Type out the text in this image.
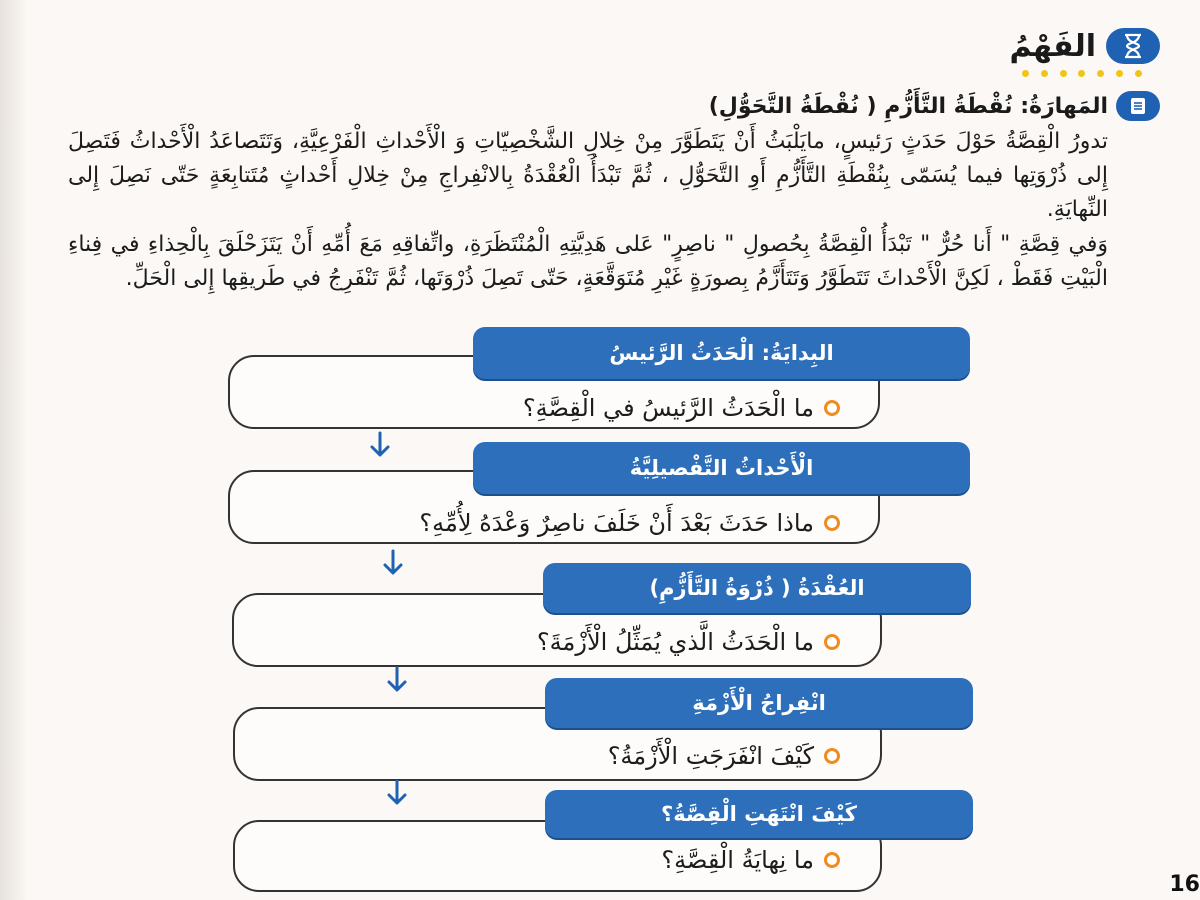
الفَهْمُ
المَهارَةُ: نُقْطَةُ التَّأَزُّمِ ( نُقْطَةُ التَّحَوُّلِ)
تدورُ الْقِصَّةُ حَوْلَ حَدَثٍ رَئيسٍ، مايَلْبَثُ أَنْ يَتَطَوَّرَ مِنْ خِلالِ الشَّخْصِيّاتِ وَ الْأَحْداثِ الْفَرْعِيَّةِ، وَتَتَصاعَدُ الْأَحْداثُ فَتَصِلَ إِلى ذُرْوَتِها فيما يُسَمّى بِنُقْطَةِ التَّأَزُّمِ أَوِ التَّحَوُّلِ ، ثُمَّ تَبْدَأُ الْعُقْدَةُ بِالانْفِراجِ مِنْ خِلالِ أَحْداثٍ مُتَتابِعَةٍ حَتّى نَصِلَ إِلى النِّهايَةِ.
وَفي قِصَّةِ " أَنا حُرٌّ " تَبْدَأُ الْقِصَّةُ بِحُصولِ " ناصِرٍ" عَلى هَدِيَّتِهِ الْمُنْتَظَرَةِ، واتِّفاقِهِ مَعَ أُمِّهِ أَنْ يَتَزَحْلَقَ بِالْحِذاءِ في فِناءِ الْبَيْتِ فَقَطْ ، لَكِنَّ الْأَحْداثَ تَتَطَوَّرُ وَتَتَأَزَّمُ بِصورَةٍ غَيْرِ مُتَوَقَّعَةٍ، حَتّى تَصِلَ ذُرْوَتَها، ثُمَّ تَنْفَرِجُ في طَريقِها إِلى الْحَلِّ.
البِدايَةُ: الْحَدَثُ الرَّئيسُ
ما الْحَدَثُ الرَّئيسُ في الْقِصَّةِ؟
الْأَحْداثُ التَّفْصيلِيَّةُ
ماذا حَدَثَ بَعْدَ أَنْ خَلَفَ ناصِرٌ وَعْدَهُ لِأُمِّهِ؟
العُقْدَةُ ( ذُرْوَةُ التَّأَزُّمِ)
ما الْحَدَثُ الَّذي يُمَثِّلُ الْأَزْمَةَ؟
انْفِراجُ الْأَزْمَةِ
كَيْفَ انْفَرَجَتِ الْأَزْمَةُ؟
كَيْفَ انْتَهَتِ الْقِصَّةُ؟
ما نِهايَةُ الْقِصَّةِ؟
16
